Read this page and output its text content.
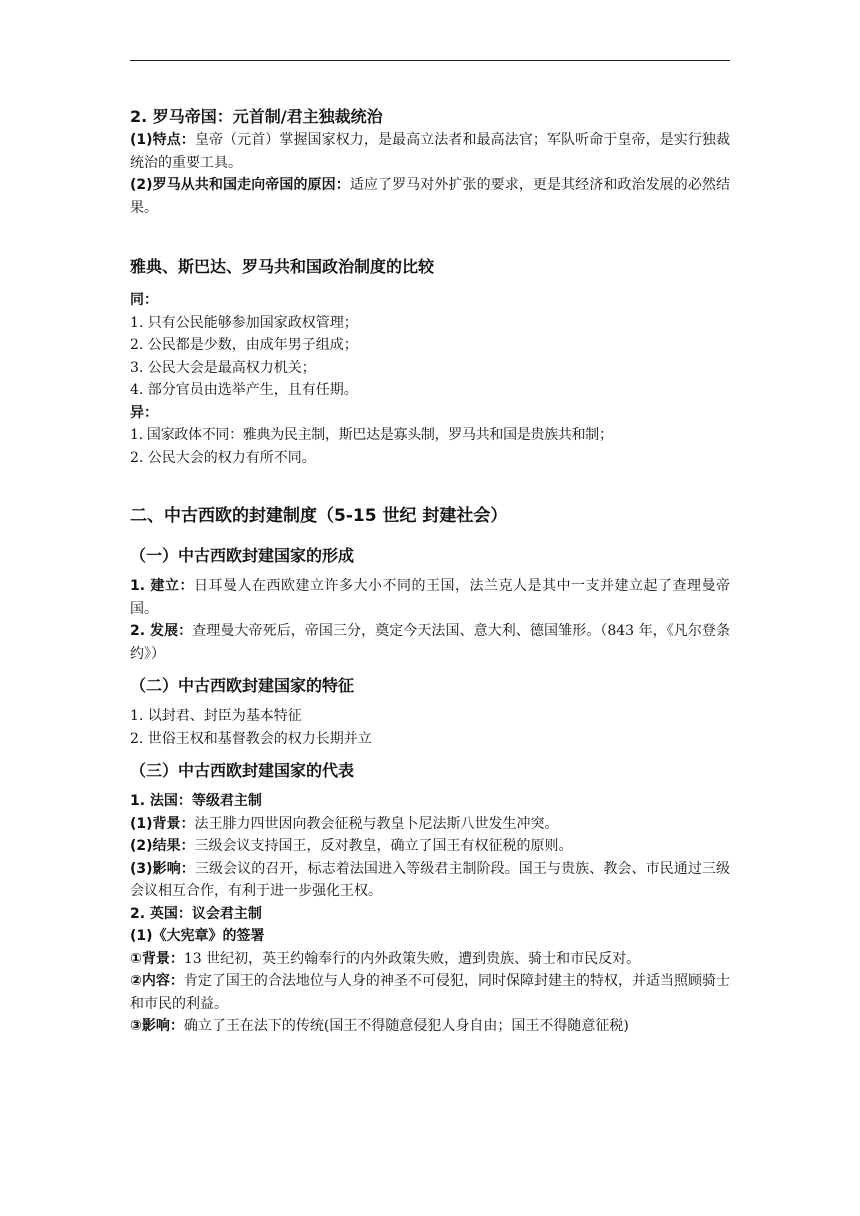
2. 罗马帝国：元首制/君主独裁统治
(1)特点：皇帝（元首）掌握国家权力，是最高立法者和最高法官；军队听命于皇帝，是实行独裁统治的重要工具。
(2)罗马从共和国走向帝国的原因：适应了罗马对外扩张的要求，更是其经济和政治发展的必然结果。
雅典、斯巴达、罗马共和国政治制度的比较
同：
1. 只有公民能够参加国家政权管理；
2. 公民都是少数，由成年男子组成；
3. 公民大会是最高权力机关；
4. 部分官员由选举产生，且有任期。
异：
1. 国家政体不同：雅典为民主制，斯巴达是寡头制，罗马共和国是贵族共和制；
2. 公民大会的权力有所不同。
二、中古西欧的封建制度（5-15 世纪 封建社会）
（一）中古西欧封建国家的形成
1. 建立：日耳曼人在西欧建立许多大小不同的王国，法兰克人是其中一支并建立起了查理曼帝国。
2. 发展：查理曼大帝死后，帝国三分，奠定今天法国、意大利、德国雏形。（843 年，《凡尔登条约》）
（二）中古西欧封建国家的特征
1. 以封君、封臣为基本特征
2. 世俗王权和基督教会的权力长期并立
（三）中古西欧封建国家的代表
1. 法国：等级君主制
(1)背景：法王腓力四世因向教会征税与教皇卜尼法斯八世发生冲突。
(2)结果：三级会议支持国王，反对教皇，确立了国王有权征税的原则。
(3)影响：三级会议的召开，标志着法国进入等级君主制阶段。国王与贵族、教会、市民通过三级会议相互合作，有利于进一步强化王权。
2. 英国：议会君主制
(1)《大宪章》的签署
①背景：13 世纪初，英王约翰奉行的内外政策失败，遭到贵族、骑士和市民反对。
②内容：肯定了国王的合法地位与人身的神圣不可侵犯，同时保障封建主的特权，并适当照顾骑士和市民的利益。
③影响：确立了王在法下的传统(国王不得随意侵犯人身自由；国王不得随意征税)
